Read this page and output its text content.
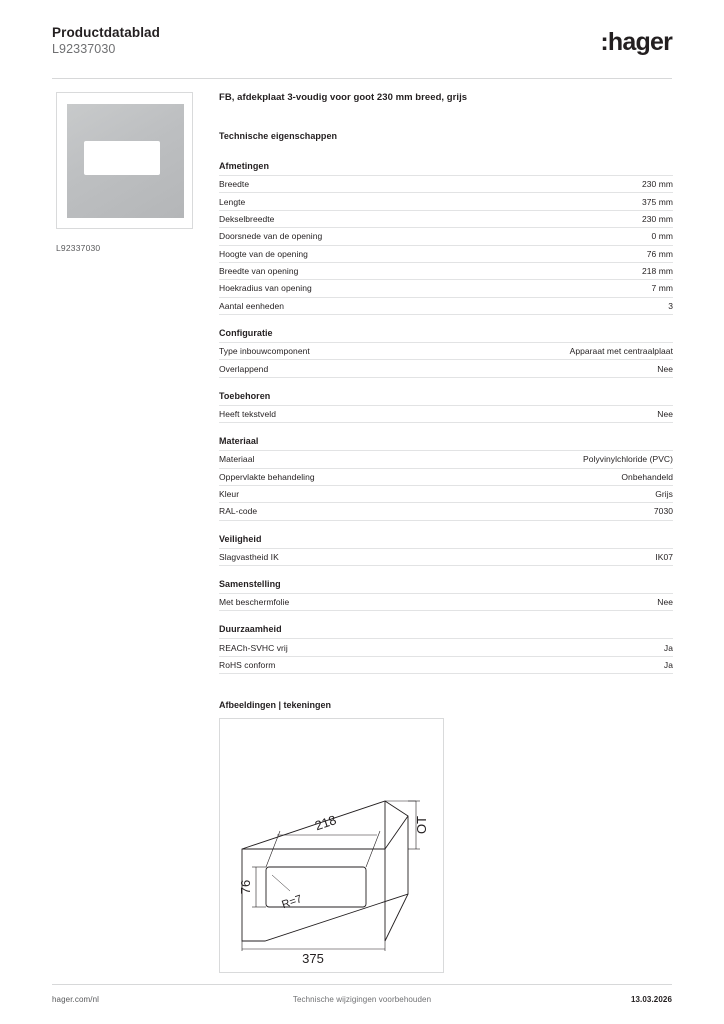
Productdatablad
L92337030	:hager
L92337030
FB, afdekplaat 3-voudig voor goot 230 mm breed, grijs
Technische eigenschappen
Afmetingen
Breedte	230 mm
Lengte	375 mm
Dekselbreedte	230 mm
Doorsnede van de opening	0 mm
Hoogte van de opening	76 mm
Breedte van opening	218 mm
Hoekradius van opening	7 mm
Aantal eenheden	3
Configuratie
Type inbouwcomponent	Apparaat met centraalplaat
Overlappend	Nee
Toebehoren
Heeft tekstveld	Nee
Materiaal
Materiaal	Polyvinylchloride (PVC)
Oppervlakte behandeling	Onbehandeld
Kleur	Grijs
RAL-code	7030
Veiligheid
Slagvastheid IK	IK07
Samenstelling
Met beschermfolie	Nee
Duurzaamheid
REACh-SVHC vrij	Ja
RoHS conform	Ja
Afbeeldingen | tekeningen
218
76
375
OT
R=7
hager.com/nl	Technische wijzigingen voorbehouden	13.03.2026
